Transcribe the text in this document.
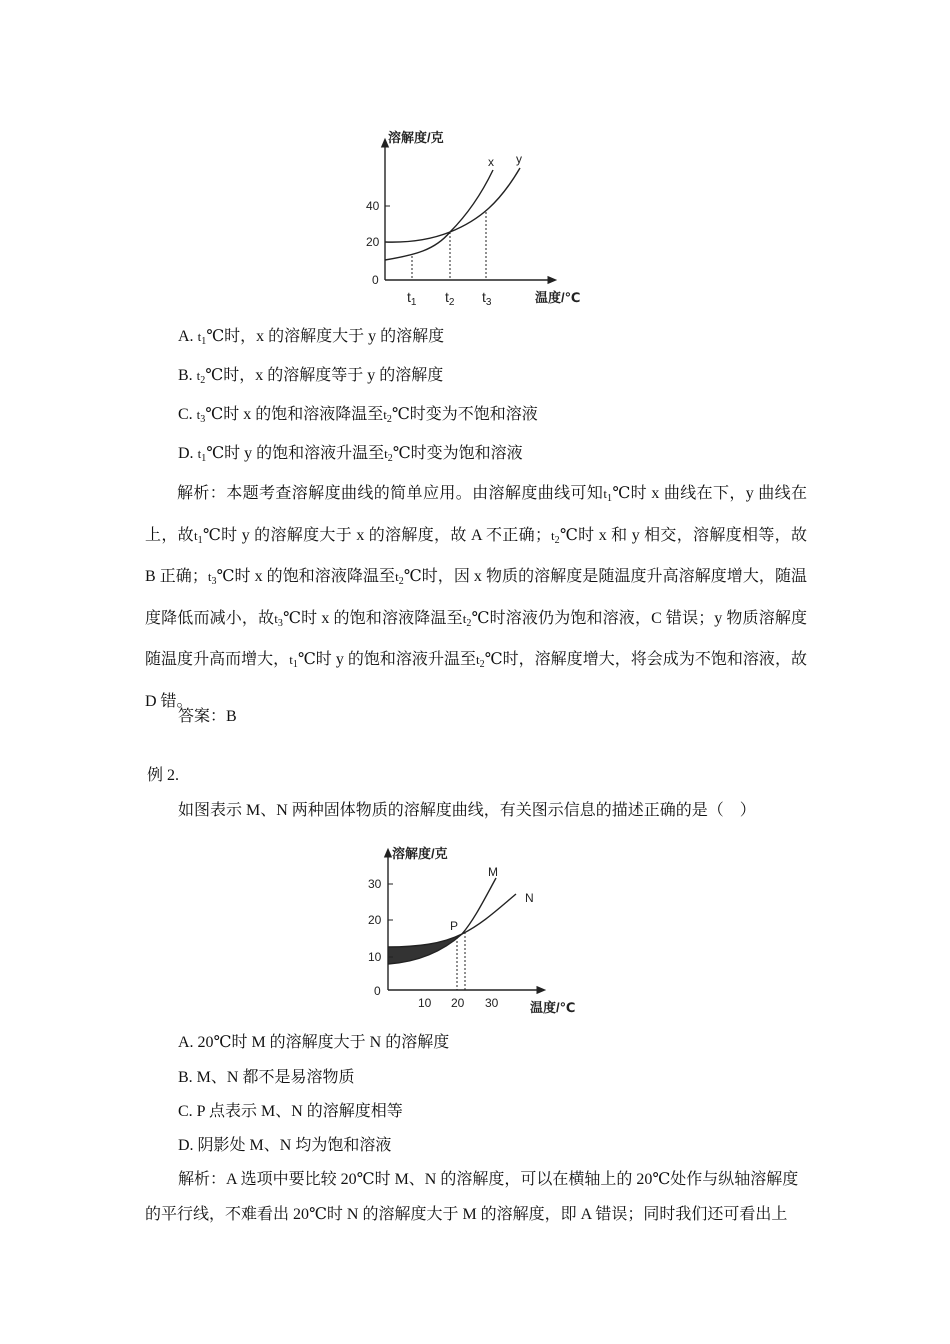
溶解度/克
40
20
0
x y
$t_1$ $t_2$ $t_3$	温度/℃
A. $t_1℃$时，x 的溶解度大于 y 的溶解度
B. $t_2℃$时，x 的溶解度等于 y 的溶解度
C. $t_3℃$时 x 的饱和溶液降温至$t_2℃$时变为不饱和溶液
D. $t_1℃$时 y 的饱和溶液升温至$t_2℃$时变为饱和溶液
解析：本题考查溶解度曲线的简单应用。由溶解度曲线可知$t_1℃$时 x 曲线在下，y 曲线在上，故$t_1℃$时 y 的溶解度大于 x 的溶解度，故 A 不正确；$t_2℃$时 x 和 y 相交，溶解度相等，故 B 正确；$t_3℃$时 x 的饱和溶液降温至$t_2℃$时，因 x 物质的溶解度是随温度升高溶解度增大，随温度降低而减小，故$t_3℃$时 x 的饱和溶液降温至$t_2℃$时溶液仍为饱和溶液，C 错误；y 物质溶解度随温度升高而增大，$t_1℃$时 y 的饱和溶液升温至$t_2℃$时，溶解度增大，将会成为不饱和溶液，故 D 错。
答案：B
例 2.
如图表示 M、N 两种固体物质的溶解度曲线，有关图示信息的描述正确的是（　）
溶解度/克
30
20
10
0
10 20 30 温度/℃
M
N
P
A. 20℃时 M 的溶解度大于 N 的溶解度
B. M、N 都不是易溶物质
C. P 点表示 M、N 的溶解度相等
D. 阴影处 M、N 均为饱和溶液
解析：A 选项中要比较 20℃时 M、N 的溶解度，可以在横轴上的 20℃处作与纵轴溶解度
的平行线，不难看出 20℃时 N 的溶解度大于 M 的溶解度，即 A 错误；同时我们还可看出上
